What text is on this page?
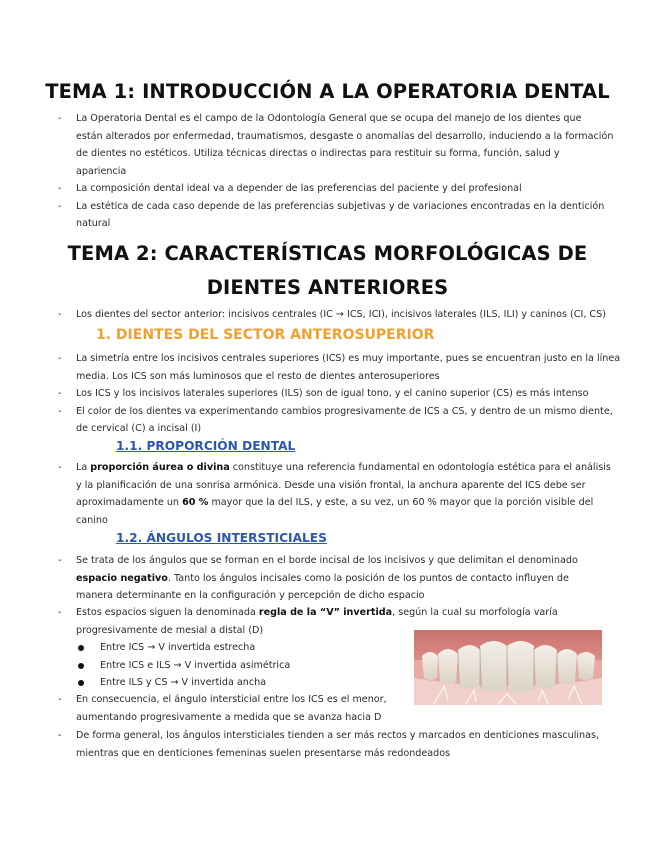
TEMA 1: INTRODUCCIÓN A LA OPERATORIA DENTAL
- La Operatoria Dental es el campo de la Odontología General que se ocupa del manejo de los dientes que
están alterados por enfermedad, traumatismos, desgaste o anomalías del desarrollo, induciendo a la formación
de dientes no estéticos. Utiliza técnicas directas o indirectas para restituir su forma, función, salud y
apariencia
- La composición dental ideal va a depender de las preferencias del paciente y del profesional
- La estética de cada caso depende de las preferencias subjetivas y de variaciones encontradas en la dentición
natural
TEMA 2: CARACTERÍSTICAS MORFOLÓGICAS DE
DIENTES ANTERIORES
- Los dientes del sector anterior: incisivos centrales (IC → ICS, ICI), incisivos laterales (ILS, ILI) y caninos (CI, CS)
1. DIENTES DEL SECTOR ANTEROSUPERIOR
- La simetría entre los incisivos centrales superiores (ICS) es muy importante, pues se encuentran justo en la línea
media. Los ICS son más luminosos que el resto de dientes anterosuperiores
- Los ICS y los incisivos laterales superiores (ILS) son de igual tono, y el canino superior (CS) es más intenso
- El color de los dientes va experimentando cambios progresivamente de ICS a CS, y dentro de un mismo diente,
de cervical (C) a incisal (I)
1.1. PROPORCIÓN DENTAL
- La proporción áurea o divina constituye una referencia fundamental en odontología estética para el análisis
y la planificación de una sonrisa armónica. Desde una visión frontal, la anchura aparente del ICS debe ser
aproximadamente un 60 % mayor que la del ILS, y este, a su vez, un 60 % mayor que la porción visible del
canino
1.2. ÁNGULOS INTERSTICIALES
- Se trata de los ángulos que se forman en el borde incisal de los incisivos y que delimitan el denominado
espacio negativo. Tanto los ángulos incisales como la posición de los puntos de contacto influyen de
manera determinante en la configuración y percepción de dicho espacio
- Estos espacios siguen la denominada regla de la “V” invertida, según la cual su morfología varía
progresivamente de mesial a distal (D)
Entre ICS → V invertida estrecha
Entre ICS e ILS → V invertida asimétrica
Entre ILS y CS → V invertida ancha
- En consecuencia, el ángulo intersticial entre los ICS es el menor,
aumentando progresivamente a medida que se avanza hacia D
- De forma general, los ángulos intersticiales tienden a ser más rectos y marcados en denticiones masculinas,
mientras que en denticiones femeninas suelen presentarse más redondeados
